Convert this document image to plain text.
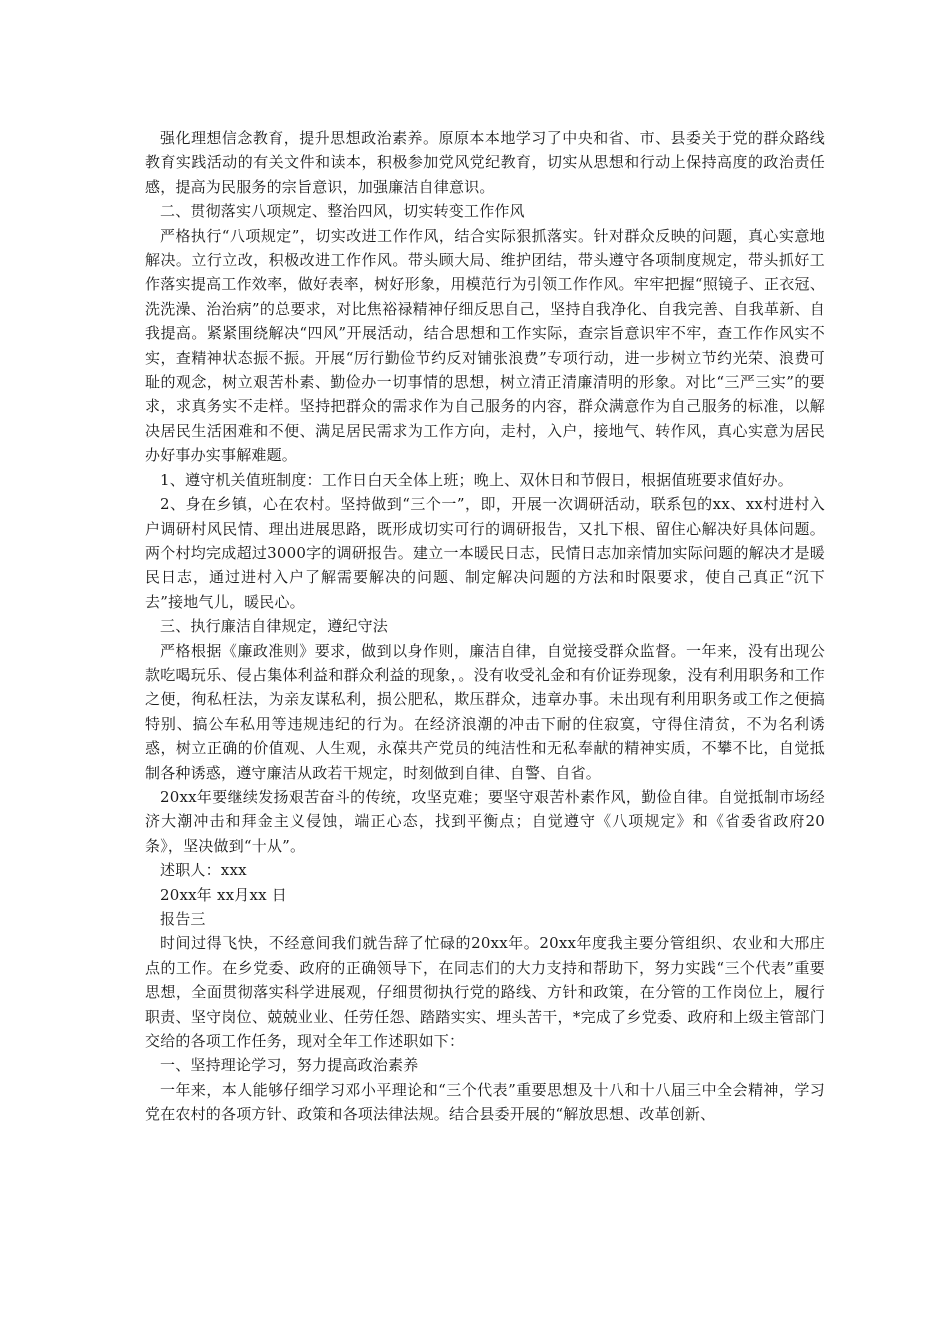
强化理想信念教育，提升思想政治素养。原原本本地学习了中央和省、市、县委关于党的群众路线教育实践活动的有关文件和读本，积极参加党风党纪教育，切实从思想和行动上保持高度的政治责任感，提高为民服务的宗旨意识，加强廉洁自律意识。

二、贯彻落实八项规定、整治四风，切实转变工作作风

严格执行“八项规定”，切实改进工作作风，结合实际狠抓落实。针对群众反映的问题，真心实意地解决。立行立改，积极改进工作作风。带头顾大局、维护团结，带头遵守各项制度规定，带头抓好工作落实提高工作效率，做好表率，树好形象，用模范行为引领工作作风。牢牢把握“照镜子、正衣冠、洗洗澡、治治病”的总要求，对比焦裕禄精神仔细反思自己，坚持自我净化、自我完善、自我革新、自我提高。紧紧围绕解决“四风”开展活动，结合思想和工作实际，查宗旨意识牢不牢，查工作作风实不实，查精神状态振不振。开展“厉行勤俭节约反对铺张浪费”专项行动，进一步树立节约光荣、浪费可耻的观念，树立艰苦朴素、勤俭办一切事情的思想，树立清正清廉清明的形象。对比“三严三实”的要求，求真务实不走样。坚持把群众的需求作为自己服务的内容，群众满意作为自己服务的标准，以解决居民生活困难和不便、满足居民需求为工作方向，走村，入户，接地气、转作风，真心实意为居民办好事办实事解难题。

1、遵守机关值班制度：工作日白天全体上班；晚上、双休日和节假日，根据值班要求值好办。

2、身在乡镇，心在农村。坚持做到“三个一”，即，开展一次调研活动，联系包的xx、xx村进村入户调研村风民情、理出进展思路，既形成切实可行的调研报告，又扎下根、留住心解决好具体问题。两个村均完成超过3000字的调研报告。建立一本暖民日志，民情日志加亲情加实际问题的解决才是暖民日志，通过进村入户了解需要解决的问题、制定解决问题的方法和时限要求，使自己真正“沉下去”接地气儿，暖民心。

三、执行廉洁自律规定，遵纪守法

严格根据《廉政准则》要求，做到以身作则，廉洁自律，自觉接受群众监督。一年来，没有出现公款吃喝玩乐、侵占集体利益和群众利益的现象，。没有收受礼金和有价证券现象，没有利用职务和工作之便，徇私枉法，为亲友谋私利，损公肥私，欺压群众，违章办事。未出现有利用职务或工作之便搞特别、搞公车私用等违规违纪的行为。在经济浪潮的冲击下耐的住寂寞，守得住清贫，不为名利诱惑，树立正确的价值观、人生观，永葆共产党员的纯洁性和无私奉献的精神实质，不攀不比，自觉抵制各种诱惑，遵守廉洁从政若干规定，时刻做到自律、自警、自省。

20xx年要继续发扬艰苦奋斗的传统，攻坚克难；要坚守艰苦朴素作风，勤俭自律。自觉抵制市场经济大潮冲击和拜金主义侵蚀，端正心态，找到平衡点；自觉遵守《八项规定》和《省委省政府20条》，坚决做到“十从”。

述职人：xxx

20xx年 xx月xx 日

报告三

时间过得飞快，不经意间我们就告辞了忙碌的20xx年。20xx年度我主要分管组织、农业和大邢庄点的工作。在乡党委、政府的正确领导下，在同志们的大力支持和帮助下，努力实践“三个代表”重要思想，全面贯彻落实科学进展观，仔细贯彻执行党的路线、方针和政策，在分管的工作岗位上，履行职责、坚守岗位、兢兢业业、任劳任怨、踏踏实实、埋头苦干，*完成了乡党委、政府和上级主管部门交给的各项工作任务，现对全年工作述职如下：

一、坚持理论学习，努力提高政治素养

一年来，本人能够仔细学习邓小平理论和“三个代表”重要思想及十八和十八届三中全会精神，学习党在农村的各项方针、政策和各项法律法规。结合县委开展的“解放思想、改革创新、
